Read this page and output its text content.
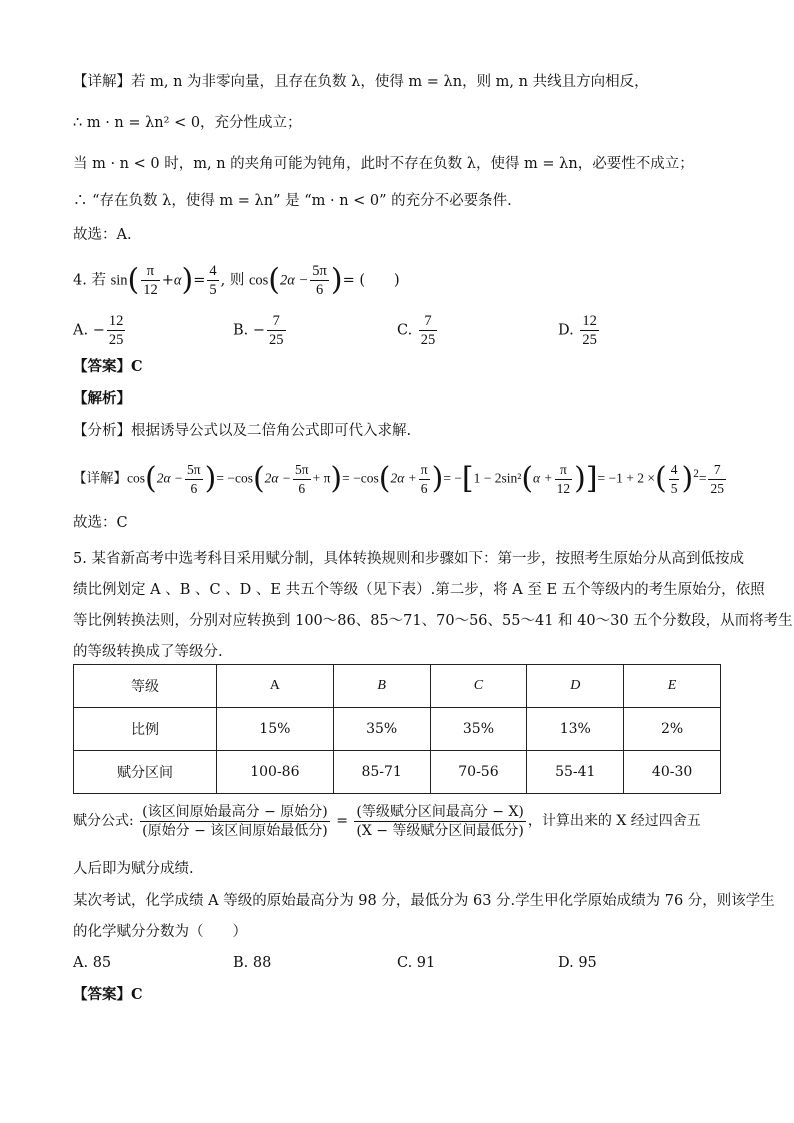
【详解】若 m, n 为非零向量，且存在负数 λ，使得 m = λn，则 m, n 共线且方向相反，
∴ m · n = λn² < 0，充分性成立；
当 m · n < 0 时，m, n 的夹角可能为钝角，此时不存在负数 λ，使得 m = λn，必要性不成立；
∴ “存在负数 λ，使得 m = λn” 是 “m · n < 0” 的充分不必要条件.
故选：A.
4. 若 $\sin( \frac{\pi}{12} +\alpha)= \frac{4}{5}$ , 则 $\cos(2\alpha - \frac{5\pi}{6}$ )= (　　)
A. − $\frac{12}{25}$	B. − $\frac{7}{25}$	C. $\frac{7}{25}$	D. $\frac{12}{25}$
【答案】C
【解析】
【分析】根据诱导公式以及二倍角公式即可代入求解.
【详解】$\cos(2\alpha - \frac{5\pi}{6}$ )= $-\cos(2\alpha - \frac{5\pi}{6} + \pi)= -\cos(2\alpha + \frac{\pi}{6}$ )= $-[1 - 2\sin^2(\alpha + \frac{\pi}{12}$ )]= −1 + 2 ×( $\frac{4}{5} )^2= \frac{7}{25}$
故选：C
5. 某省新高考中选考科目采用赋分制，具体转换规则和步骤如下：第一步，按照考生原始分从高到低按成
绩比例划定 A 、B 、C 、D 、E 共五个等级（见下表）.第二步，将 A 至 E 五个等级内的考生原始分，依照
等比例转换法则，分别对应转换到 100～86、85～71、70～56、55～41 和 40～30 五个分数段，从而将考生
的等级转换成了等级分.
等级	A	B	C	D	E
比例	15%	35%	35%	13%	2%
赋分区间	100-86	85-71	70-56	55-41	40-30
赋分公式: $\frac{\text{(该区间原始最高分 − 原始分)}}{\text{(原始分 − 该区间原始最低分)}} = \frac{\text{(等级赋分区间最高分 − X)}}{\text{(X − 等级赋分区间最低分)}}$ ，计算出来的 X 经过四舍五
人后即为赋分成绩.
某次考试，化学成绩 A 等级的原始最高分为 98 分，最低分为 63 分.学生甲化学原始成绩为 76 分，则该学生
的化学赋分分数为（　　）
A. 85	B. 88	C. 91	D. 95
【答案】C
